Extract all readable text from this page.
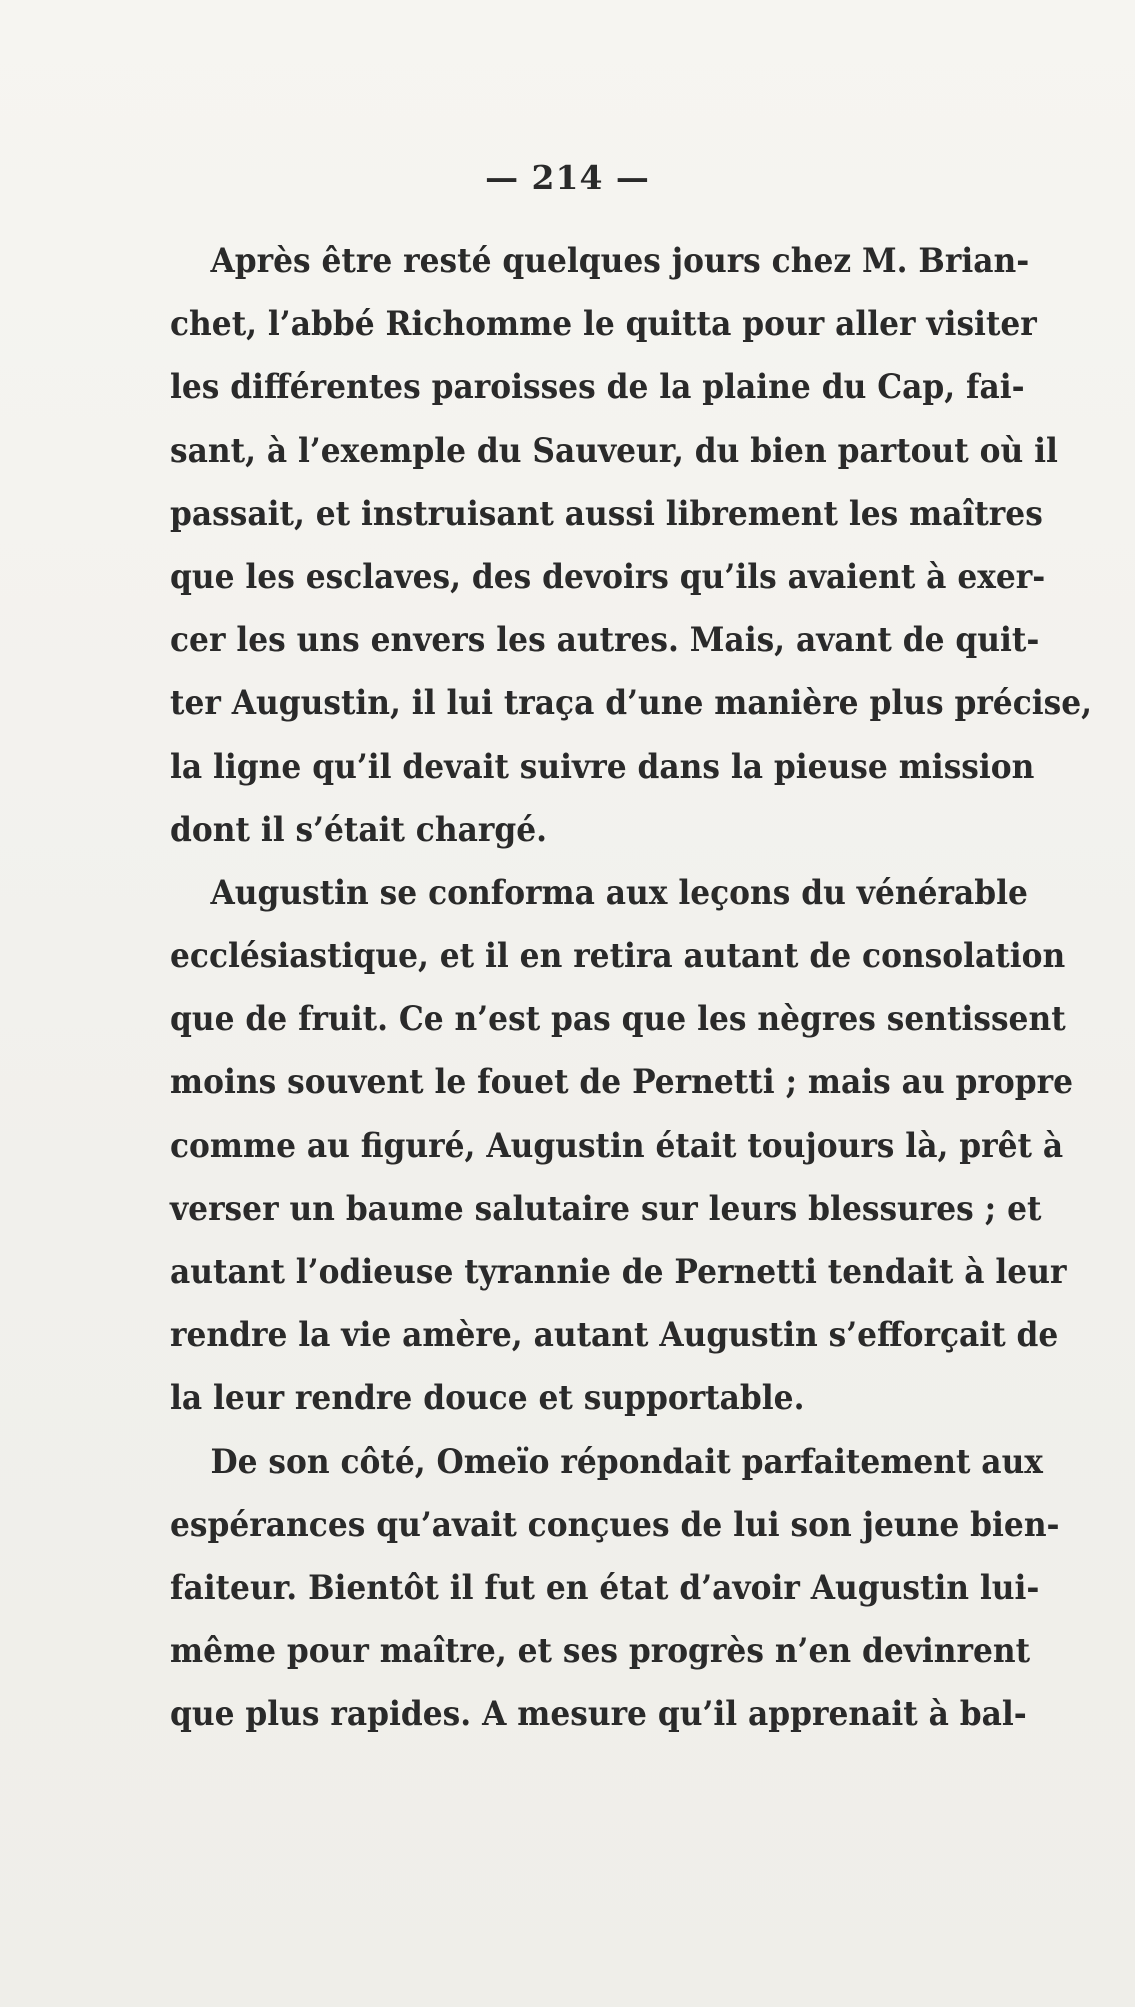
— 214 —
Après être resté quelques jours chez M. Brian-
chet, l’abbé Richomme le quitta pour aller visiter
les différentes paroisses de la plaine du Cap, fai-
sant, à l’exemple du Sauveur, du bien partout où il
passait, et instruisant aussi librement les maîtres
que les esclaves, des devoirs qu’ils avaient à exer-
cer les uns envers les autres. Mais, avant de quit-
ter Augustin, il lui traça d’une manière plus précise,
la ligne qu’il devait suivre dans la pieuse mission
dont il s’était chargé.
Augustin se conforma aux leçons du vénérable
ecclésiastique, et il en retira autant de consolation
que de fruit. Ce n’est pas que les nègres sentissent
moins souvent le fouet de Pernetti ; mais au propre
comme au figuré, Augustin était toujours là, prêt à
verser un baume salutaire sur leurs blessures ; et
autant l’odieuse tyrannie de Pernetti tendait à leur
rendre la vie amère, autant Augustin s’efforçait de
la leur rendre douce et supportable.
De son côté, Omeïo répondait parfaitement aux
espérances qu’avait conçues de lui son jeune bien-
faiteur. Bientôt il fut en état d’avoir Augustin lui-
même pour maître, et ses progrès n’en devinrent
que plus rapides. A mesure qu’il apprenait à bal-
